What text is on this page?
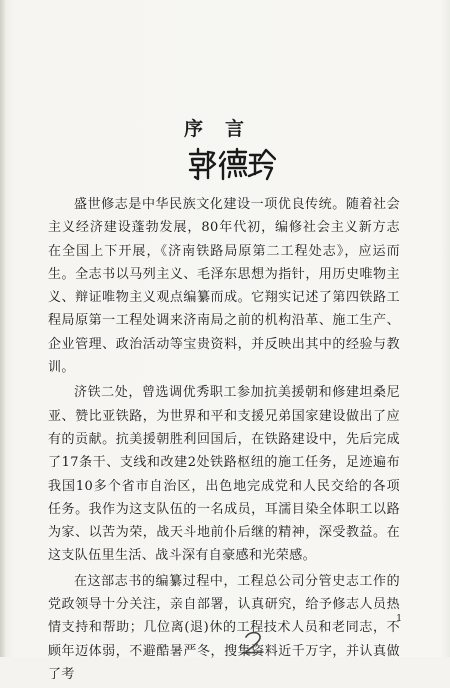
序言

盛世修志是中华民族文化建设一项优良传统。随着社会主义经济建设蓬勃发展，80年代初，编修社会主义新方志在全国上下开展，《济南铁路局原第二工程处志》，应运而生。全志书以马列主义、毛泽东思想为指针，用历史唯物主义、辩证唯物主义观点编纂而成。它翔实记述了第四铁路工程局原第一工程处调来济南局之前的机构沿革、施工生产、企业管理、政治活动等宝贵资料，并反映出其中的经验与教训。

济铁二处，曾选调优秀职工参加抗美援朝和修建坦桑尼亚、赞比亚铁路，为世界和平和支援兄弟国家建设做出了应有的贡献。抗美援朝胜利回国后，在铁路建设中，先后完成了17条干、支线和改建2处铁路枢纽的施工任务，足迹遍布我国10多个省市自治区，出色地完成党和人民交给的各项任务。我作为这支队伍的一名成员，耳濡目染全体职工以路为家、以苦为荣，战天斗地前仆后继的精神，深受教益。在这支队伍里生活、战斗深有自豪感和光荣感。

在这部志书的编纂过程中，工程总公司分管史志工作的党政领导十分关注，亲自部署，认真研究，给予修志人员热情支持和帮助；几位离(退)休的工程技术人员和老同志，不顾年迈体弱，不避酷暑严冬，搜集资料近千万字，并认真做了考

1
